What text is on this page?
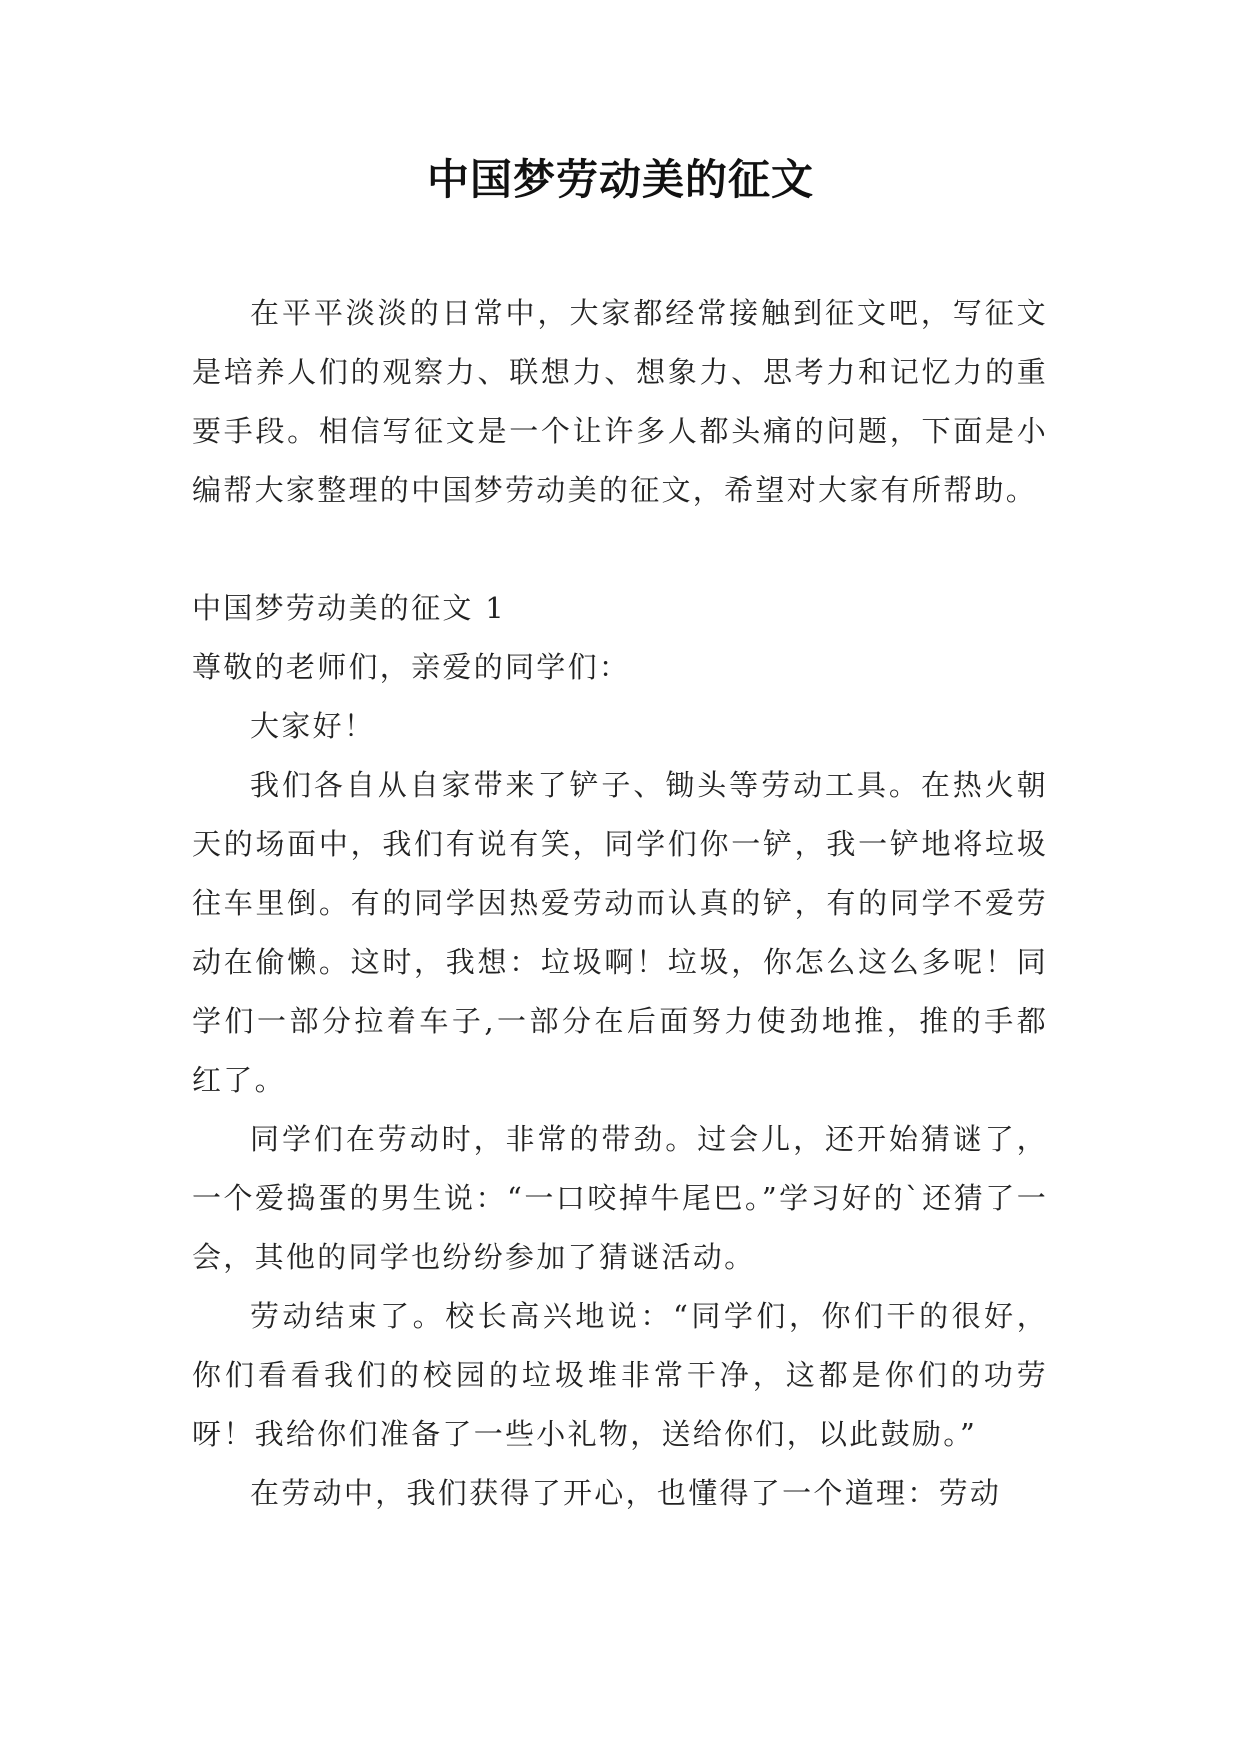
中国梦劳动美的征文

在平平淡淡的日常中，大家都经常接触到征文吧，写征文是培养人们的观察力、联想力、想象力、思考力和记忆力的重要手段。相信写征文是一个让许多人都头痛的问题，下面是小编帮大家整理的中国梦劳动美的征文，希望对大家有所帮助。

中国梦劳动美的征文 1

尊敬的老师们，亲爱的同学们：

大家好！

我们各自从自家带来了铲子、锄头等劳动工具。在热火朝天的场面中，我们有说有笑，同学们你一铲，我一铲地将垃圾往车里倒。有的同学因热爱劳动而认真的铲，有的同学不爱劳动在偷懒。这时，我想：垃圾啊！垃圾，你怎么这么多呢！同学们一部分拉着车子,一部分在后面努力使劲地推，推的手都红了。

同学们在劳动时，非常的带劲。过会儿，还开始猜谜了，一个爱捣蛋的男生说：“一口咬掉牛尾巴。”学习好的`还猜了一会，其他的同学也纷纷参加了猜谜活动。

劳动结束了。校长高兴地说：“同学们，你们干的很好，你们看看我们的校园的垃圾堆非常干净，这都是你们的功劳呀！我给你们准备了一些小礼物，送给你们，以此鼓励。”

在劳动中，我们获得了开心，也懂得了一个道理：劳动
